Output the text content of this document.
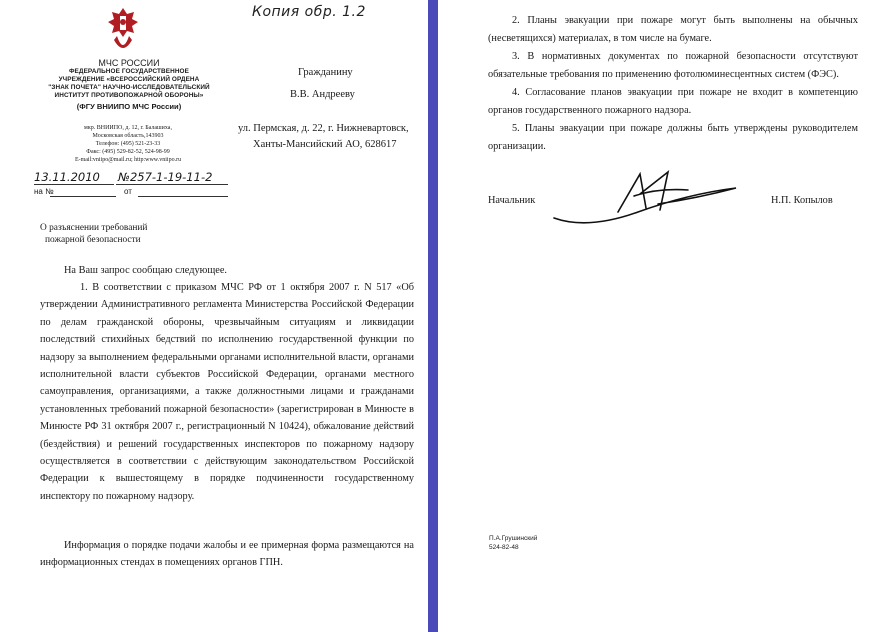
Копия обр. 1.2
МЧС РОССИИ
ФЕДЕРАЛЬНОЕ ГОСУДАРСТВЕННОЕ
УЧРЕЖДЕНИЕ «ВСЕРОССИЙСКИЙ ОРДЕНА
"ЗНАК ПОЧЕТА" НАУЧНО-ИССЛЕДОВАТЕЛЬСКИЙ
ИНСТИТУТ ПРОТИВОПОЖАРНОЙ ОБОРОНЫ»
(ФГУ ВНИИПО МЧС России)
мкр. ВНИИПО, д. 12, г. Балашиха,
Московская область,143903
Телефон: (495) 521-23-33
Факс: (495) 529-82-52, 524-98-99
E-mail:vniipo@mail.ru; http:www.vniipo.ru
13.11.2010 №257-1-19-11-2
на №	от
Гражданину
В.В. Андрееву
ул. Пермская, д. 22, г. Нижневартовск,
Ханты-Мансийский АО, 628617
О разъяснении требований
пожарной безопасности
На Ваш запрос сообщаю следующее.
1. В соответствии с приказом МЧС РФ от 1 октября 2007 г. N 517 «Об утверждении Административного регламента Министерства Российской Федерации по делам гражданской обороны, чрезвычайным ситуациям и ликвидации последствий стихийных бедствий по исполнению государственной функции по надзору за выполнением федеральными органами исполнительной власти, органами исполнительной власти субъектов Российской Федерации, органами местного самоуправления, организациями, а также должностными лицами и гражданами установленных требований пожарной безопасности» (зарегистрирован в Минюсте в Минюсте РФ 31 октября 2007 г., регистрационный N 10424), обжалование действий (бездействия) и решений государственных инспекторов по пожарному надзору осуществляется в соответствии с действующим законодательством Российской Федерации к вышестоящему в порядке подчиненности государственному инспектору по пожарному надзору.
Информация о порядке подачи жалобы и ее примерная форма размещаются на информационных стендах в помещениях органов ГПН.
2. Планы эвакуации при пожаре могут быть выполнены на обычных (несветящихся) материалах, в том числе на бумаге.
3. В нормативных документах по пожарной безопасности отсутствуют обязательные требования по применению фотолюминесцентных систем (ФЭС).
4. Согласование планов эвакуации при пожаре не входит в компетенцию органов государственного пожарного надзора.
5. Планы эвакуации при пожаре должны быть утверждены руководителем организации.
Начальник	Н.П. Копылов
П.А.Грушинский
524-82-48
